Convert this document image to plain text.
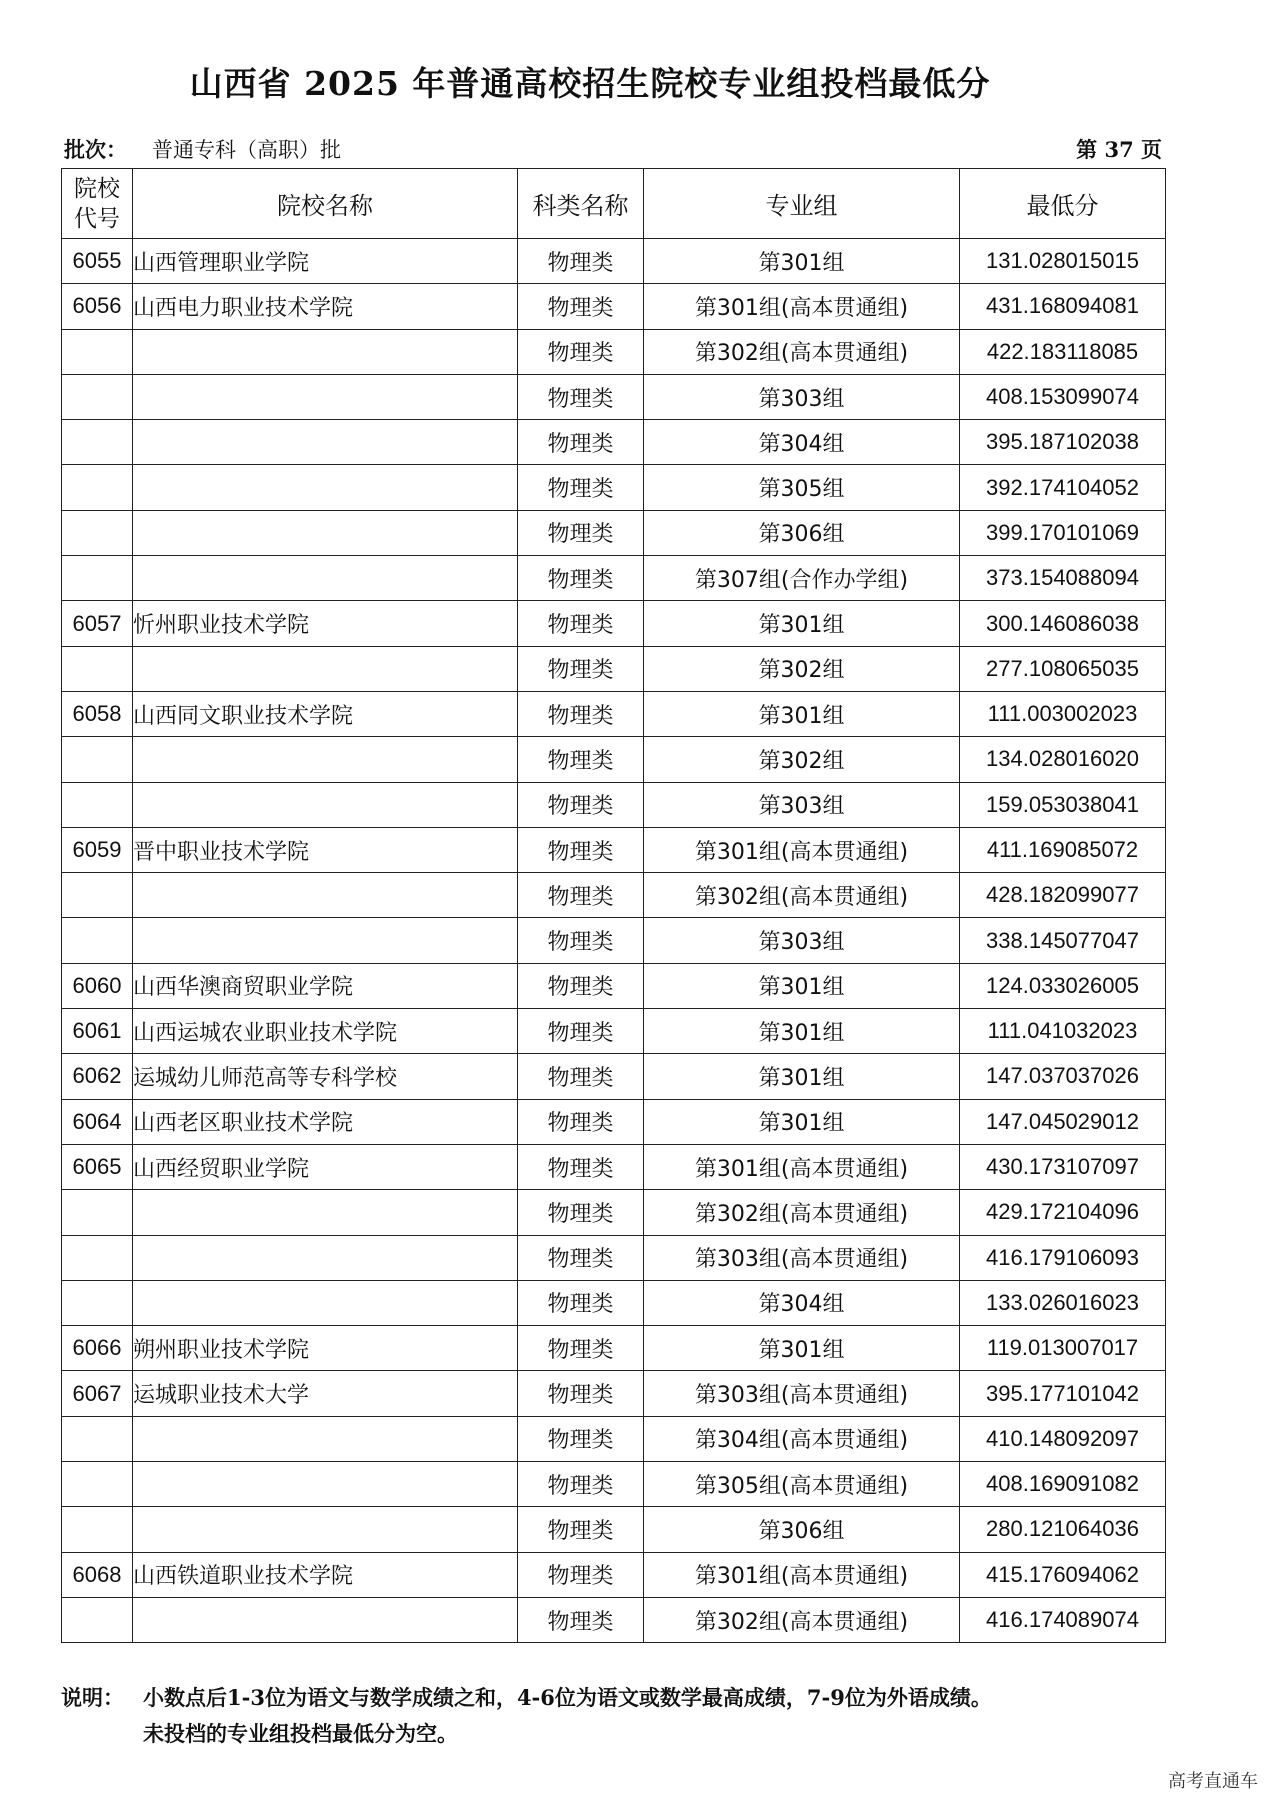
山西省 2025 年普通高校招生院校专业组投档最低分
批次： 普通专科（高职）批	第 37 页
院校
代号	院校名称	科类名称	专业组	最低分
6055	山西管理职业学院	物理类	第301组	131.028015015
6056	山西电力职业技术学院	物理类	第301组(高本贯通组)	431.168094081
		物理类	第302组(高本贯通组)	422.183118085
		物理类	第303组	408.153099074
		物理类	第304组	395.187102038
		物理类	第305组	392.174104052
		物理类	第306组	399.170101069
		物理类	第307组(合作办学组)	373.154088094
6057	忻州职业技术学院	物理类	第301组	300.146086038
		物理类	第302组	277.108065035
6058	山西同文职业技术学院	物理类	第301组	111.003002023
		物理类	第302组	134.028016020
		物理类	第303组	159.053038041
6059	晋中职业技术学院	物理类	第301组(高本贯通组)	411.169085072
		物理类	第302组(高本贯通组)	428.182099077
		物理类	第303组	338.145077047
6060	山西华澳商贸职业学院	物理类	第301组	124.033026005
6061	山西运城农业职业技术学院	物理类	第301组	111.041032023
6062	运城幼儿师范高等专科学校	物理类	第301组	147.037037026
6064	山西老区职业技术学院	物理类	第301组	147.045029012
6065	山西经贸职业学院	物理类	第301组(高本贯通组)	430.173107097
		物理类	第302组(高本贯通组)	429.172104096
		物理类	第303组(高本贯通组)	416.179106093
		物理类	第304组	133.026016023
6066	朔州职业技术学院	物理类	第301组	119.013007017
6067	运城职业技术大学	物理类	第303组(高本贯通组)	395.177101042
		物理类	第304组(高本贯通组)	410.148092097
		物理类	第305组(高本贯通组)	408.169091082
		物理类	第306组	280.121064036
6068	山西铁道职业技术学院	物理类	第301组(高本贯通组)	415.176094062
		物理类	第302组(高本贯通组)	416.174089074
说明： 小数点后1-3位为语文与数学成绩之和，4-6位为语文或数学最高成绩，7-9位为外语成绩。
未投档的专业组投档最低分为空。
高考直通车
